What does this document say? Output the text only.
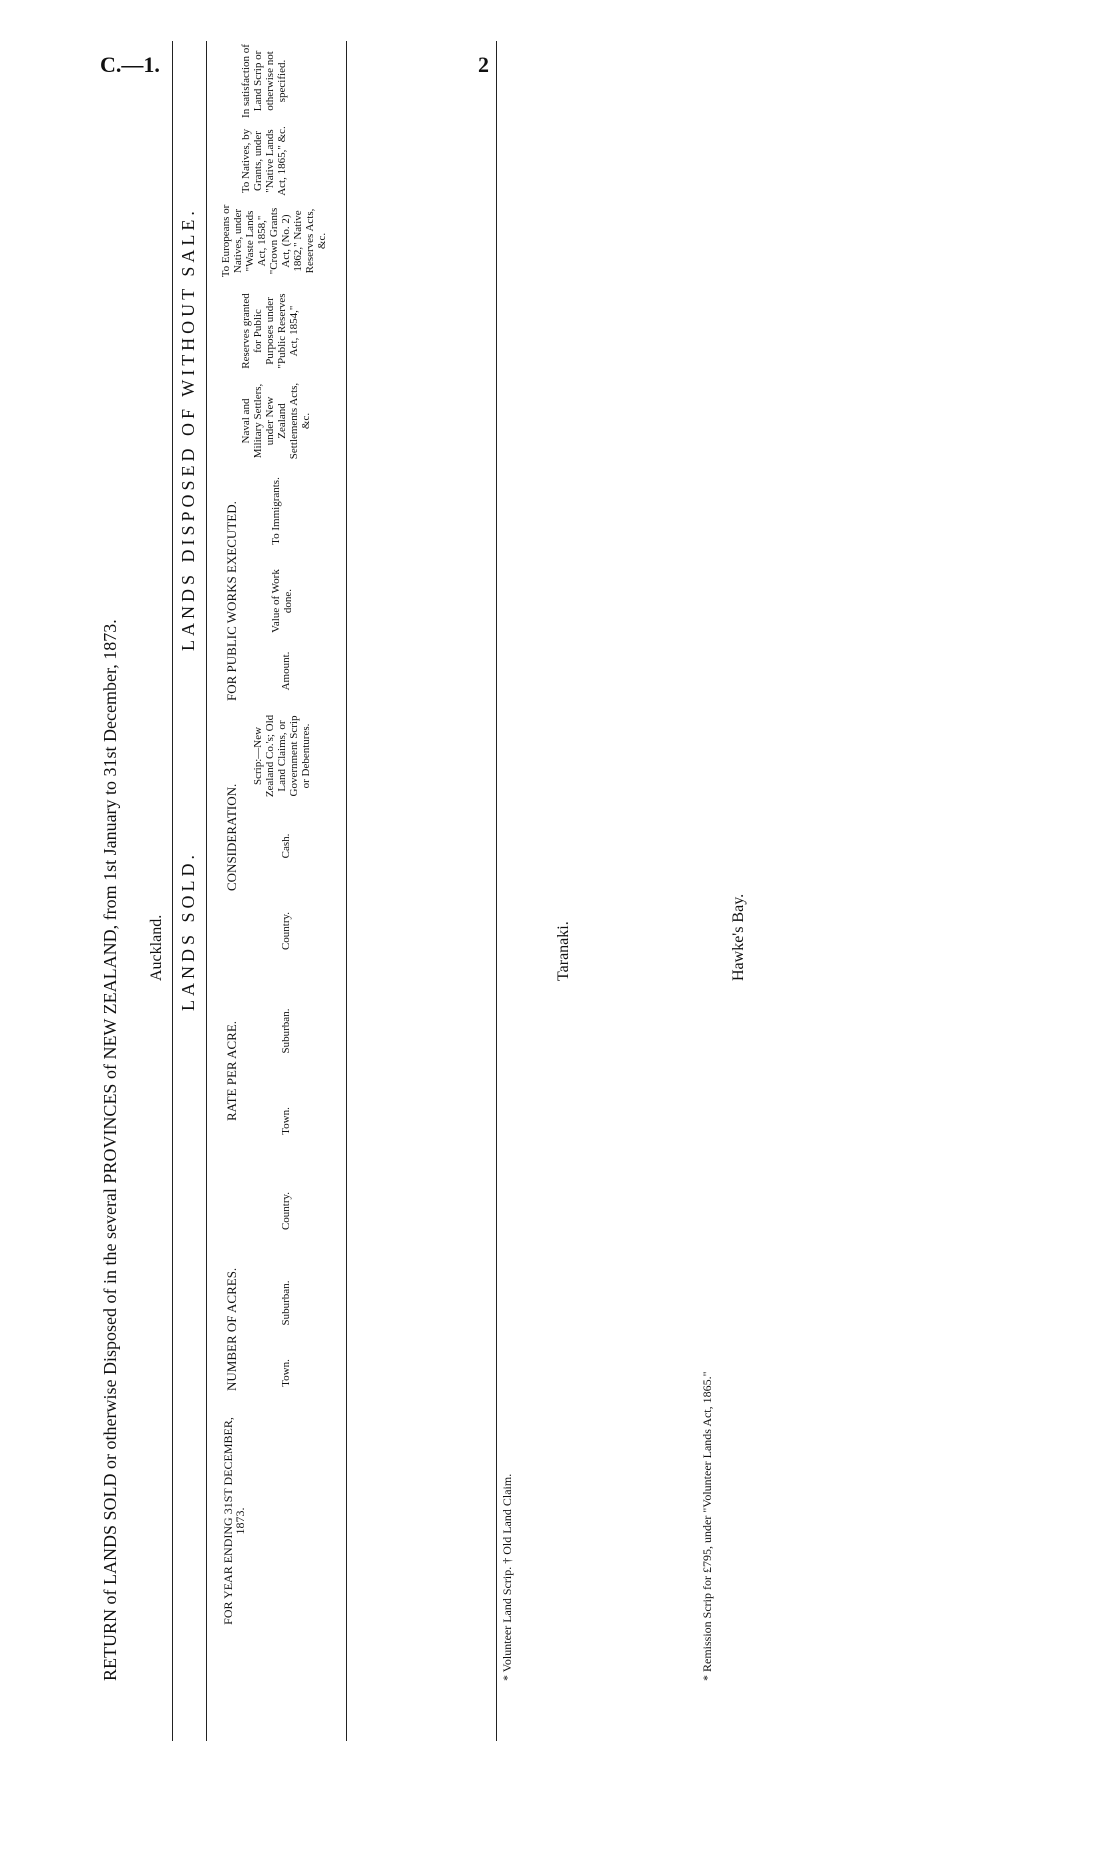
C.—1.	2
RETURN of LANDS SOLD or otherwise Disposed of in the several PROVINCES of NEW ZEALAND, from 1st January to 31st December, 1873. Auckland. LANDS SOLD.
LANDS DISPOSED OF WITHOUT SALE.
FOR YEAR ENDING 31ST DECEMBER, 1873.
NUMBER OF ACRES.
RATE PER ACRE.
CONSIDERATION.
FOR PUBLIC WORKS EXECUTED.
Town.
Suburban.
Country.
Town.
Suburban.
Country.
Cash.
Scrip:—New Zealand Co.'s; Old Land Claims, or Government Scrip or Debentures.
Amount.
Value of Work done.
To Immigrants.
Naval and Military Settlers, under New Zealand Settlements Acts, &c.
Reserves granted for Public Purposes under "Public Reserves Act, 1854,"
To Europeans or Natives, under "Waste Lands Act, 1858," "Crown Grants Act, (No. 2) 1862," Native Reserves Acts, &c.
To Natives, by Grants, under "Native Lands Act, 1865," &c.
In satisfaction of Land Scrip or otherwise not specified.
* Volunteer Land Scrip. † Old Land Claim.
Taranaki.	Hawke's Bay.
* Remission Scrip for £795, under "Volunteer Lands Act, 1865."
